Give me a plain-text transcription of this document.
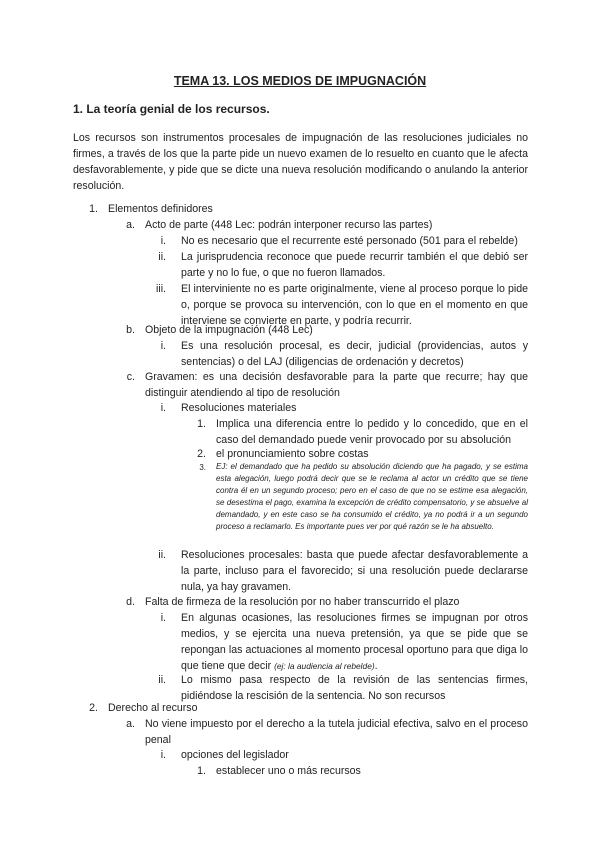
TEMA 13. LOS MEDIOS DE IMPUGNACIÓN
1. La teoría genial de los recursos.
Los recursos son instrumentos procesales de impugnación de las resoluciones judiciales no firmes, a través de los que la parte pide un nuevo examen de lo resuelto en cuanto que le afecta desfavorablemente, y pide que se dicte una nueva resolución modificando o anulando la anterior resolución.
1. Elementos definidores
a. Acto de parte (448 Lec: podrán interponer recurso las partes)
i. No es necesario que el recurrente esté personado (501 para el rebelde)
ii. La jurisprudencia reconoce que puede recurrir también el que debió ser parte y no lo fue, o que no fueron llamados.
iii. El interviniente no es parte originalmente, viene al proceso porque lo pide o, porque se provoca su intervención, con lo que en el momento en que interviene se convierte en parte, y podría recurrir.
b. Objeto de la impugnación (448 Lec)
i. Es una resolución procesal, es decir, judicial (providencias, autos y sentencias) o del LAJ (diligencias de ordenación y decretos)
c. Gravamen: es una decisión desfavorable para la parte que recurre; hay que distinguir atendiendo al tipo de resolución
i. Resoluciones materiales
1. Implica una diferencia entre lo pedido y lo concedido, que en el caso del demandado puede venir provocado por su absolución
2. el pronunciamiento sobre costas
3. EJ: el demandado que ha pedido su absolución diciendo que ha pagado, y se estima esta alegación, luego podrá decir que se le reclama al actor un crédito que se tiene contra él en un segundo proceso; pero en el caso de que no se estime esa alegación, se desestima el pago, examina la excepción de crédito compensatorio, y se absuelve al demandado, y en este caso se ha consumido el crédito, ya no podrá ir a un segundo proceso a reclamarlo. Es importante pues ver por qué razón se le ha absuelto.
ii. Resoluciones procesales: basta que puede afectar desfavorablemente a la parte, incluso para el favorecido; si una resolución puede declararse nula, ya hay gravamen.
d. Falta de firmeza de la resolución por no haber transcurrido el plazo
i. En algunas ocasiones, las resoluciones firmes se impugnan por otros medios, y se ejercita una nueva pretensión, ya que se pide que se repongan las actuaciones al momento procesal oportuno para que diga lo que tiene que decir (ej: la audiencia al rebelde).
ii. Lo mismo pasa respecto de la revisión de las sentencias firmes, pidiéndose la rescisión de la sentencia. No son recursos
2. Derecho al recurso
a. No viene impuesto por el derecho a la tutela judicial efectiva, salvo en el proceso penal
i. opciones del legislador
1. establecer uno o más recursos
